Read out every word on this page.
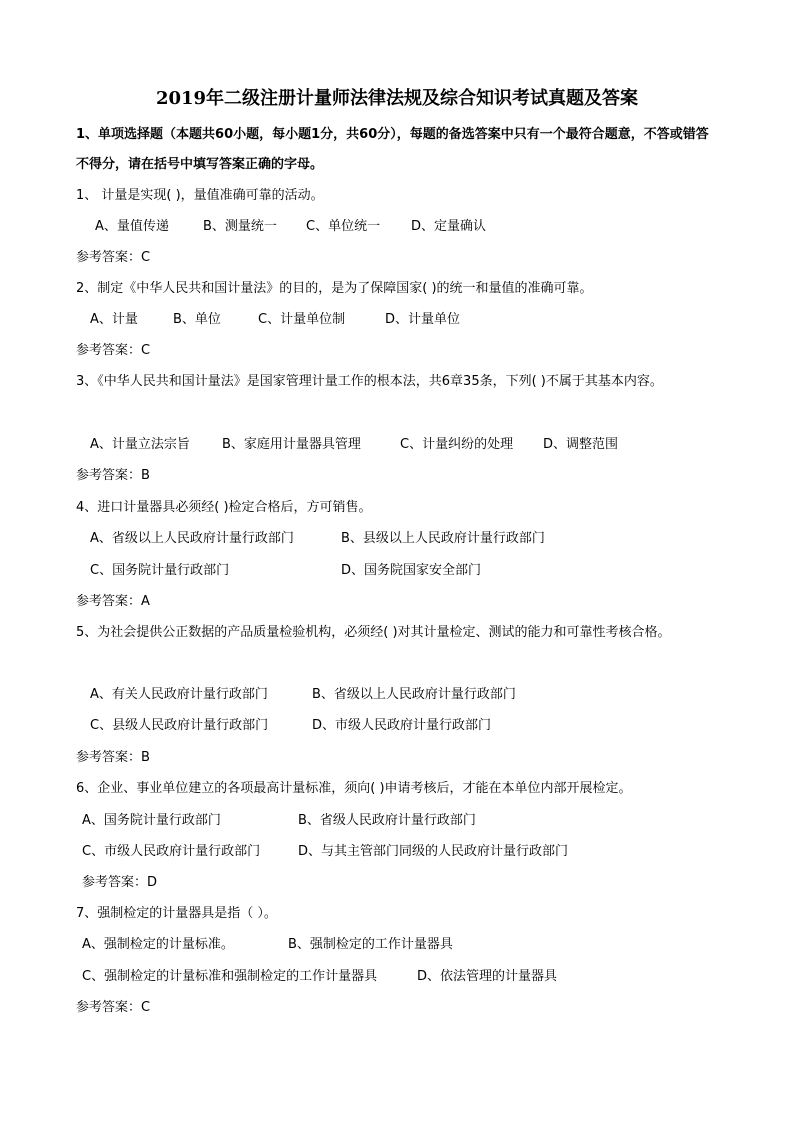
2019年二级注册计量师法律法规及综合知识考试真题及答案
1、单项选择题（本题共60小题，每小题1分，共60分），每题的备选答案中只有一个最符合题意，不答或错答不得分，请在括号中填写答案正确的字母。
1、 计量是实现( )，量值准确可靠的活动。
A、量值传递	B、测量统一 C、单位统一 D、定量确认
参考答案：C
2、制定《中华人民共和国计量法》的目的，是为了保障国家( )的统一和量值的准确可靠。
A、计量	B、单位	C、计量单位制	D、计量单位
参考答案：C
3、《中华人民共和国计量法》是国家管理计量工作的根本法，共6章35条，下列( )不属于其基本内容。
A、计量立法宗旨 B、家庭用计量器具管理	C、计量纠纷的处理 D、调整范围
参考答案：B
4、进口计量器具必须经( )检定合格后，方可销售。
A、省级以上人民政府计量行政部门	B、县级以上人民政府计量行政部门
C、国务院计量行政部门	D、国务院国家安全部门
参考答案：A
5、为社会提供公正数据的产品质量检验机构，必须经( )对其计量检定、测试的能力和可靠性考核合格。
A、有关人民政府计量行政部门	B、省级以上人民政府计量行政部门
C、县级人民政府计量行政部门	D、市级人民政府计量行政部门
参考答案：B
6、企业、事业单位建立的各项最高计量标准，须向( )申请考核后，才能在本单位内部开展检定。
A、国务院计量行政部门	B、省级人民政府计量行政部门
C、市级人民政府计量行政部门	D、与其主管部门同级的人民政府计量行政部门
参考答案：D
7、强制检定的计量器具是指（ ）。
A、强制检定的计量标准。	B、强制检定的工作计量器具
C、强制检定的计量标准和强制检定的工作计量器具	D、依法管理的计量器具
参考答案：C
